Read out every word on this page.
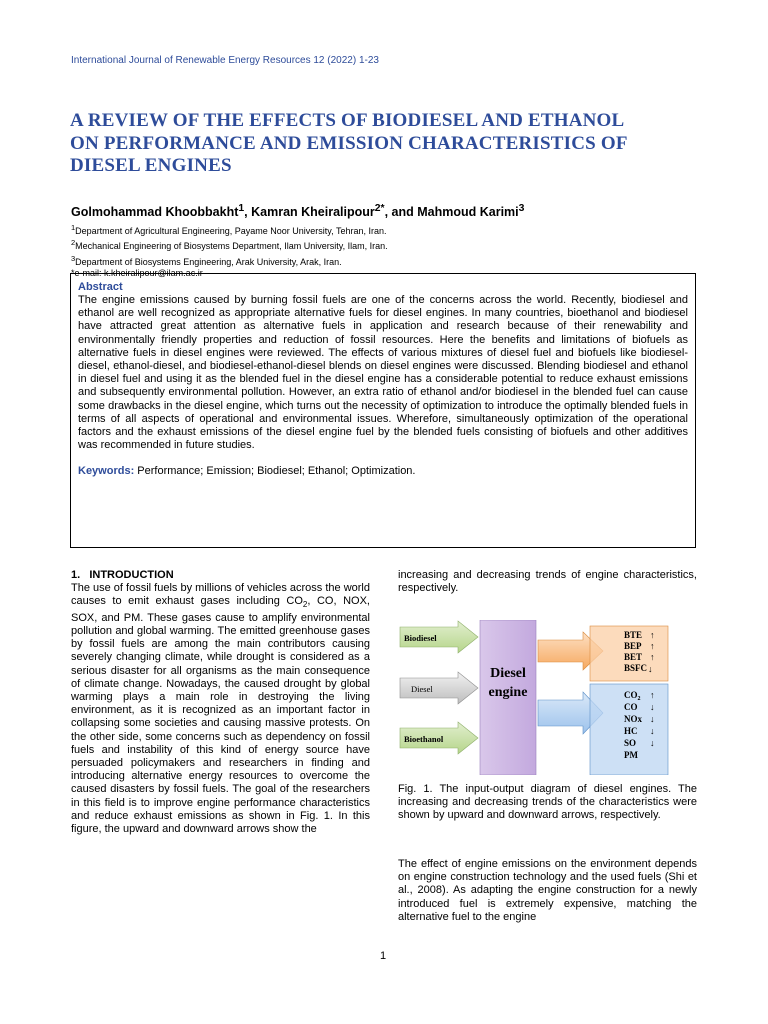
International Journal of Renewable Energy Resources 12 (2022) 1-23
A REVIEW OF THE EFFECTS OF BIODIESEL AND ETHANOL
ON PERFORMANCE AND EMISSION CHARACTERISTICS OF
DIESEL ENGINES
Golmohammad Khoobbakht$^1$, Kamran Kheiralipour$^{2*}$, and Mahmoud Karimi$^3$
$^1$Department of Agricultural Engineering, Payame Noor University, Tehran, Iran.
$^2$Mechanical Engineering of Biosystems Department, Ilam University, Ilam, Iran.
$^3$Department of Biosystems Engineering, Arak University, Arak, Iran.
*e-mail: k.kheiralipour@ilam.ac.ir
Abstract
The engine emissions caused by burning fossil fuels are one of the concerns across the world. Recently, biodiesel and ethanol are well recognized as appropriate alternative fuels for diesel engines. In many countries, bioethanol and biodiesel have attracted great attention as alternative fuels in application and research because of their renewability and environmentally friendly properties and reduction of fossil resources. Here the benefits and limitations of biofuels as alternative fuels in diesel engines were reviewed. The effects of various mixtures of diesel fuel and biofuels like biodiesel-diesel, ethanol-diesel, and biodiesel-ethanol-diesel blends on diesel engines were discussed. Blending biodiesel and ethanol in diesel fuel and using it as the blended fuel in the diesel engine has a considerable potential to reduce exhaust emissions and subsequently environmental pollution. However, an extra ratio of ethanol and/or biodiesel in the blended fuel can cause some drawbacks in the diesel engine, which turns out the necessity of optimization to introduce the optimally blended fuels in terms of all aspects of operational and environmental issues. Wherefore, simultaneously optimization of the operational factors and the exhaust emissions of the diesel engine fuel by the blended fuels consisting of biofuels and other additives was recommended in future studies.
Keywords: Performance; Emission; Biodiesel; Ethanol; Optimization.
1.   INTRODUCTION
The use of fossil fuels by millions of vehicles across the world causes to emit exhaust gases including $CO_2$, CO, NOX, SOX, and PM. These gases cause to amplify environmental pollution and global warming. The emitted greenhouse gases by fossil fuels are among the main contributors causing severely changing climate, while drought is considered as a serious disaster for all organisms as the main consequence of climate change. Nowadays, the caused drought by global warming plays a main role in destroying the living environment, as it is recognized as an important factor in collapsing some societies and causing massive protests. On the other side, some concerns such as dependency on fossil fuels and instability of this kind of energy source have persuaded policymakers and researchers in finding and introducing alternative energy resources to overcome the caused disasters by fossil fuels. The goal of the researchers in this field is to improve engine performance characteristics and reduce exhaust emissions as shown in Fig. 1. In this figure, the upward and downward arrows show the
increasing and decreasing trends of engine characteristics, respectively.
Biodiesel
Diesel
Bioethanol
Diesel
engine
BTE ↑
BEP ↑
BET ↑
BSFC ↓
$CO_2$ ↑
CO ↓
NOx ↓
HC ↓
SO ↓
PM
Fig. 1. The input-output diagram of diesel engines. The increasing and decreasing trends of the characteristics were shown by upward and downward arrows, respectively.
The effect of engine emissions on the environment depends on engine construction technology and the used fuels (Shi et al., 2008). As adapting the engine construction for a newly introduced fuel is extremely expensive, matching the alternative fuel to the engine
1
